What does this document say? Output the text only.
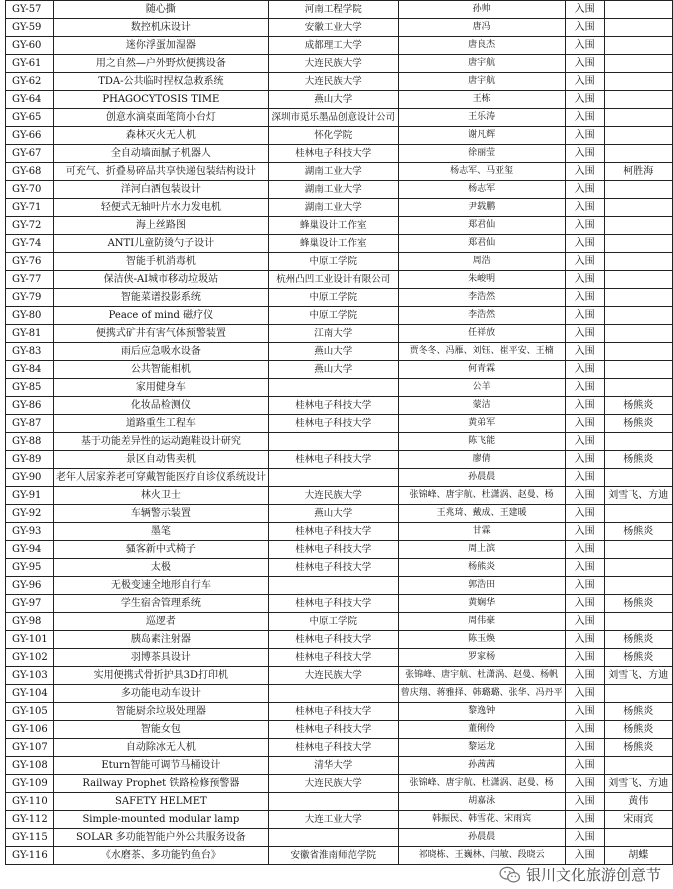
GY-57	随心撕	河南工程学院	孙帅	入围	
GY-59	数控机床设计	安徽工业大学	唐冯	入围	
GY-60	迷你浮蛋加湿器	成都理工大学	唐良杰	入围	
GY-61	用之自然—户外野炊便携设备	大连民族大学	唐宇航	入围	
GY-62	TDA-公共临时捏权急救系统	大连民族大学	唐宇航	入围	
GY-64	PHAGOCYTOSIS TIME	燕山大学	王栋	入围	
GY-65	创意水滴桌面笔筒小台灯	深圳市觅乐墨品创意设计公司	王乐涛	入围	
GY-66	森林灭火无人机	怀化学院	谢凡辉	入围	
GY-67	全自动墙面腻子机器人	桂林电子科技大学	徐丽莹	入围	
GY-68	可充气、折叠易碎品共享快递包装结构设计	湖南工业大学	杨志军、马亚玺	入围	柯胜海
GY-70	洋河白酒包装设计	湖南工业大学	杨志军	入围	
GY-71	轻便式无轴叶片水力发电机	湖南工业大学	尹载鹏	入围	
GY-72	海上丝路图	蜂巢设计工作室	郑君仙	入围	
GY-74	ANTI儿童防烫勺子设计	蜂巢设计工作室	郑君仙	入围	
GY-76	智能手机消毒机	中原工学院	周浩	入围	
GY-77	保洁侠-AI城市移动垃圾站	杭州凸凹工业设计有限公司	朱峻明	入围	
GY-79	智能菜谱投影系统	中原工学院	李浩然	入围	
GY-80	Peace of mind 磁疗仪	中原工学院	李浩然	入围	
GY-81	便携式矿井有害气体预警装置	江南大学	任祥放	入围	
GY-83	雨后应急吸水设备	燕山大学	贾冬冬、冯雁、刘钰、崔平安、王楠	入围	
GY-84	公共智能相机	燕山大学	何青霖	入围	
GY-85	家用健身车		公羊	入围	
GY-86	化妆品检测仪	桂林电子科技大学	蒙洁	入围	杨熊炎
GY-87	道路重生工程车	桂林电子科技大学	黄弟军	入围	杨熊炎
GY-88	基于功能差异性的运动跑鞋设计研究		陈飞能	入围	
GY-89	景区自动售卖机	桂林电子科技大学	廖倩	入围	杨熊炎
GY-90	老年人居家养老可穿戴智能医疗自诊仪系统设计		孙晨晨	入围	
GY-91	林火卫士	大连民族大学	张锦峰、唐宇航、杜潇涡、赵曼、杨	入围	刘雪飞、方迪
GY-92	车辆警示装置	燕山大学	王兆琦、戴成、王建暖	入围	
GY-93	墨笔	桂林电子科技大学	甘霖	入围	杨熊炎
GY-94	骚客新中式椅子	桂林电子科技大学	周上滨	入围	
GY-95	太极	桂林电子科技大学	杨熊炎	入围	
GY-96	无极变速全地形自行车		郭浩田	入围	
GY-97	学生宿舍管理系统	桂林电子科技大学	黄娴华	入围	杨熊炎
GY-98	巡逻者	中原工学院	周伟豪	入围	
GY-101	胰岛素注射器	桂林电子科技大学	陈玉焕	入围	杨熊炎
GY-102	羽博茶具设计	桂林电子科技大学	罗家杨	入围	杨熊炎
GY-103	实用便携式骨折护具3D打印机	大连民族大学	张锦峰、唐宇航、杜潇涡、赵曼、杨帆	入围	刘雪飞、方迪
GY-104	多功能电动车设计		曾庆翔、蒋雅择、韩璐璐、张华、冯丹平	入围	
GY-105	智能厨余垃圾处理器	桂林电子科技大学	黎逸钟	入围	杨熊炎
GY-106	智能女包	桂林电子科技大学	董俐伶	入围	杨熊炎
GY-107	自动除冰无人机	桂林电子科技大学	黎运龙	入围	杨熊炎
GY-108	Eturn智能可调节马桶设计	清华大学	孙茜茜	入围	
GY-109	Railway Prophet 铁路检修预警器	大连民族大学	张锦峰、唐宇航、杜潇涡、赵曼、杨	入围	刘雪飞、方迪
GY-110	SAFETY HELMET		胡嘉泳	入围	黄伟
GY-112	Simple-mounted modular lamp	大连工业大学	韩振民、韩雪花、宋雨宾	入围	宋雨宾
GY-115	SOLAR 多功能智能户外公共服务设备		孙晨晨	入围	
GY-116	《水磨茶、多功能钓鱼台》	安徽省淮南师范学院	祁晓栋、王巍林、闫敏、段晓云	入围	胡蝶
银川文化旅游创意节
